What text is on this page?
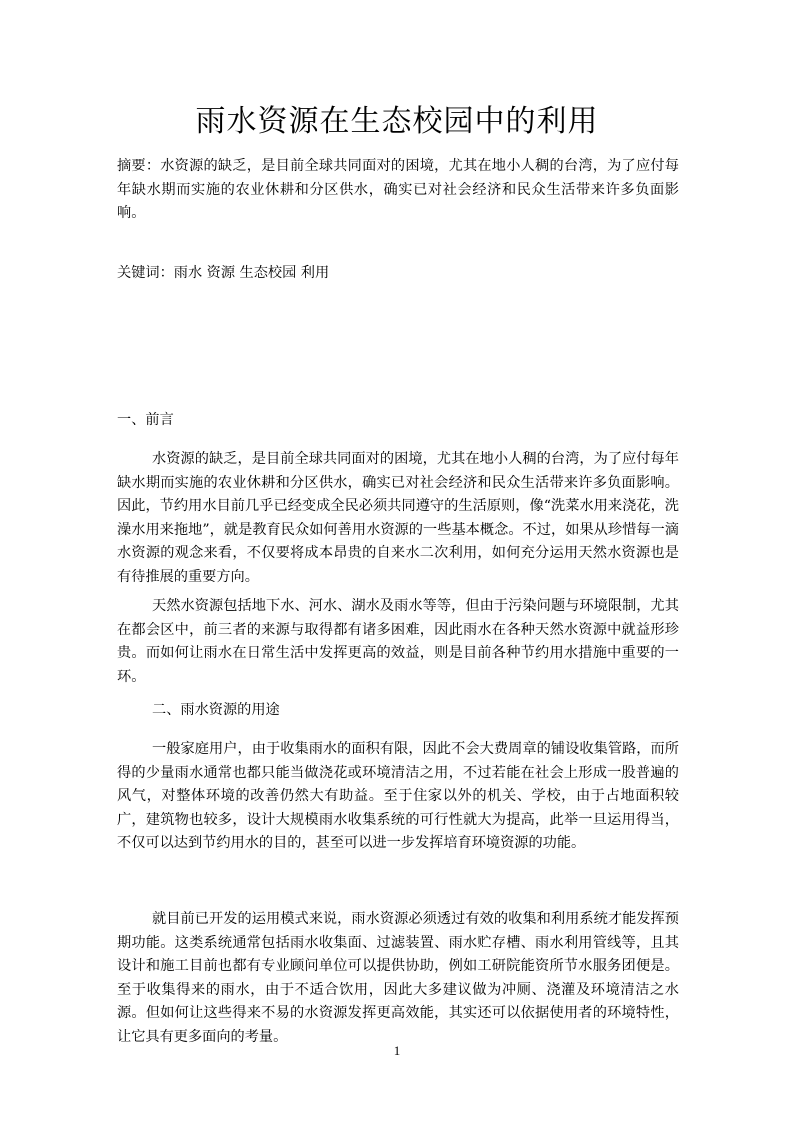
雨水资源在生态校园中的利用
摘要：水资源的缺乏，是目前全球共同面对的困境，尤其在地小人稠的台湾，为了应付每年缺水期而实施的农业休耕和分区供水，确实已对社会经济和民众生活带来许多负面影响。
关键词：雨水 资源 生态校园 利用
一、前言
水资源的缺乏，是目前全球共同面对的困境，尤其在地小人稠的台湾，为了应付每年缺水期而实施的农业休耕和分区供水，确实已对社会经济和民众生活带来许多负面影响。因此，节约用水目前几乎已经变成全民必须共同遵守的生活原则，像“洗菜水用来浇花，洗澡水用来拖地”，就是教育民众如何善用水资源的一些基本概念。不过，如果从珍惜每一滴水资源的观念来看，不仅要将成本昂贵的自来水二次利用，如何充分运用天然水资源也是有待推展的重要方向。
天然水资源包括地下水、河水、湖水及雨水等等，但由于污染问题与环境限制，尤其在都会区中，前三者的来源与取得都有诸多困难，因此雨水在各种天然水资源中就益形珍贵。而如何让雨水在日常生活中发挥更高的效益，则是目前各种节约用水措施中重要的一环。
二、雨水资源的用途
一般家庭用户，由于收集雨水的面积有限，因此不会大费周章的铺设收集管路，而所得的少量雨水通常也都只能当做浇花或环境清洁之用，不过若能在社会上形成一股普遍的风气，对整体环境的改善仍然大有助益。至于住家以外的机关、学校，由于占地面积较广，建筑物也较多，设计大规模雨水收集系统的可行性就大为提高，此举一旦运用得当，不仅可以达到节约用水的目的，甚至可以进一步发挥培育环境资源的功能。
就目前已开发的运用模式来说，雨水资源必须透过有效的收集和利用系统才能发挥预期功能。这类系统通常包括雨水收集面、过滤装置、雨水贮存槽、雨水利用管线等，且其设计和施工目前也都有专业顾问单位可以提供协助，例如工研院能资所节水服务团便是。至于收集得来的雨水，由于不适合饮用，因此大多建议做为冲厕、浇灌及环境清洁之水源。但如何让这些得来不易的水资源发挥更高效能，其实还可以依据使用者的环境特性，让它具有更多面向的考量。
1
